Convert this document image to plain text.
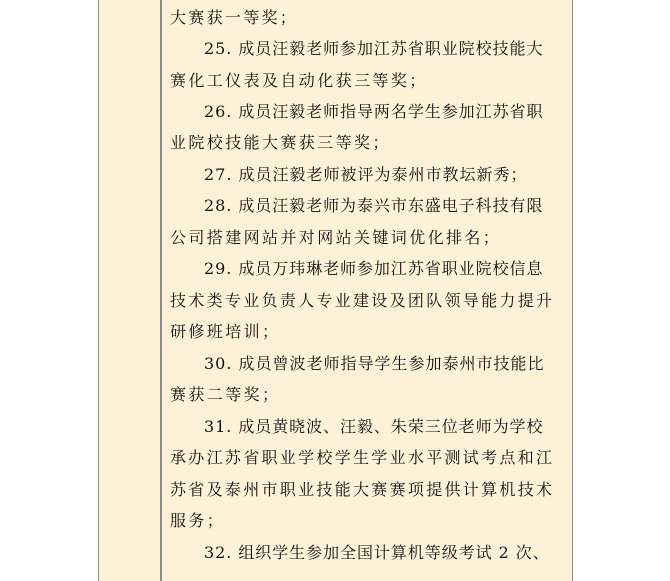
大赛获一等奖；
25. 成员汪毅老师参加江苏省职业院校技能大
赛化工仪表及自动化获三等奖；
26. 成员汪毅老师指导两名学生参加江苏省职
业院校技能大赛获三等奖；
27. 成员汪毅老师被评为泰州市教坛新秀；
28. 成员汪毅老师为泰兴市东盛电子科技有限
公司搭建网站并对网站关键词优化排名；
29. 成员万玮琳老师参加江苏省职业院校信息
技术类专业负责人专业建设及团队领导能力提升
研修班培训；
30. 成员曾波老师指导学生参加泰州市技能比
赛获二等奖；
31. 成员黄晓波、汪毅、朱荣三位老师为学校
承办江苏省职业学校学生学业水平测试考点和江
苏省及泰州市职业技能大赛赛项提供计算机技术
服务；
32. 组织学生参加全国计算机等级考试 2 次、
